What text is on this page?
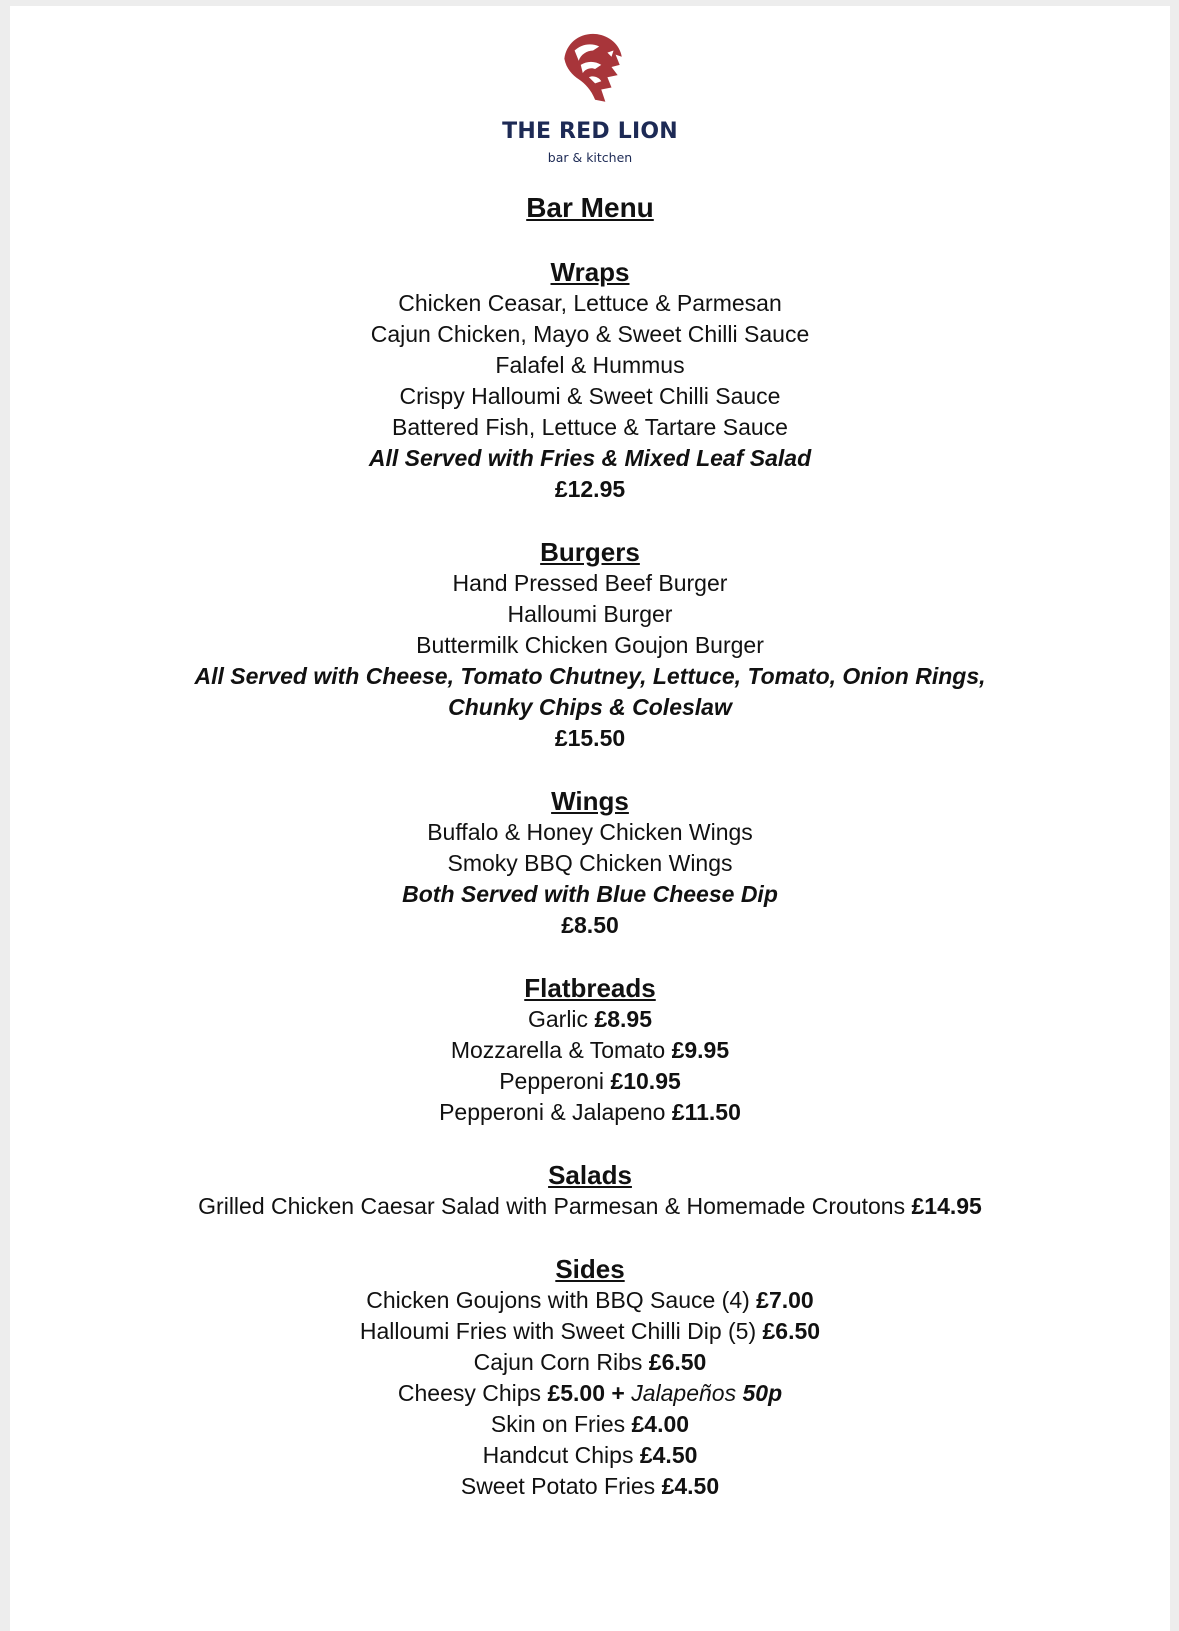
THE RED LION
bar & kitchen
Bar Menu

Wraps

Chicken Ceasar, Lettuce & Parmesan

Cajun Chicken, Mayo & Sweet Chilli Sauce

Falafel & Hummus

Crispy Halloumi & Sweet Chilli Sauce

Battered Fish, Lettuce & Tartare Sauce

All Served with Fries & Mixed Leaf Salad

£12.95

Burgers

Hand Pressed Beef Burger

Halloumi Burger

Buttermilk Chicken Goujon Burger

All Served with Cheese, Tomato Chutney, Lettuce, Tomato, Onion Rings,

Chunky Chips & Coleslaw

£15.50

Wings

Buffalo & Honey Chicken Wings

Smoky BBQ Chicken Wings

Both Served with Blue Cheese Dip

£8.50

Flatbreads

Garlic £8.95

Mozzarella & Tomato £9.95

Pepperoni £10.95

Pepperoni & Jalapeno £11.50

Salads

Grilled Chicken Caesar Salad with Parmesan & Homemade Croutons £14.95

Sides

Chicken Goujons with BBQ Sauce (4) £7.00

Halloumi Fries with Sweet Chilli Dip (5) £6.50

Cajun Corn Ribs £6.50

Cheesy Chips £5.00 + Jalapeños 50p

Skin on Fries £4.00

Handcut Chips £4.50

Sweet Potato Fries £4.50
